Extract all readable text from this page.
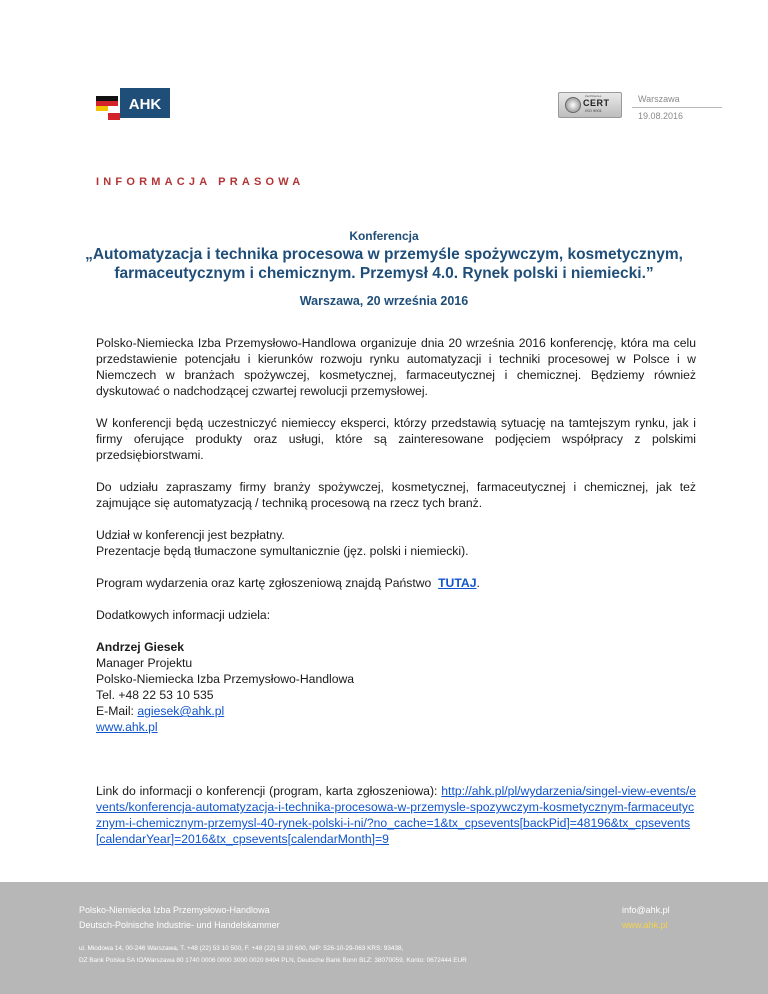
AHK	Zertifiziertes
CERT
ISO 9001
Warszawa
19.08.2016
INFORMACJA PRASOWA
Konferencja
„Automatyzacja i technika procesowa w przemyśle spożywczym, kosmetycznym,
farmaceutycznym i chemicznym. Przemysł 4.0. Rynek polski i niemiecki.”
Warszawa, 20 września 2016

Polsko-Niemiecka Izba Przemysłowo-Handlowa organizuje dnia 20 września 2016 konferencję, która ma celu przedstawienie potencjału i kierunków rozwoju rynku automatyzacji i techniki procesowej w Polsce i w Niemczech w branżach spożywczej, kosmetycznej, farmaceutycznej i chemicznej. Będziemy również dyskutować o nadchodzącej czwartej rewolucji przemysłowej.

W konferencji będą uczestniczyć niemieccy eksperci, którzy przedstawią sytuację na tamtejszym rynku, jak i firmy oferujące produkty oraz usługi, które są zainteresowane podjęciem współpracy z polskimi przedsiębiorstwami.

Do udziału zapraszamy firmy branży spożywczej, kosmetycznej, farmaceutycznej i chemicznej, jak też zajmujące się automatyzacją / techniką procesową na rzecz tych branż.

Udział w konferencji jest bezpłatny.
Prezentacje będą tłumaczone symultanicznie (jęz. polski i niemiecki).

Program wydarzenia oraz kartę zgłoszeniową znajdą Państwo TUTAJ.

Dodatkowych informacji udziela:

Andrzej Giesek
Manager Projektu
Polsko-Niemiecka Izba Przemysłowo-Handlowa
Tel. +48 22 53 10 535
E-Mail: agiesek@ahk.pl
www.ahk.pl

Link do informacji o konferencji (program, karta zgłoszeniowa): http://ahk.pl/pl/wydarzenia/singel-view-events/events/konferencja-automatyzacja-i-technika-procesowa-w-przemysle-spozywczym-kosmetycznym-farmaceutycznym-i-chemicznym-przemysl-40-rynek-polski-i-ni/?no_cache=1&tx_cpsevents[backPid]=48196&tx_cpsevents[calendarYear]=2016&tx_cpsevents[calendarMonth]=9

Polsko-Niemiecka Izba Przemysłowo-Handlowa
Deutsch-Polnische Industrie- und Handelskammer
info@ahk.pl
www.ahk.pl
ul. Miodowa 14, 00-246 Warszawa, T. +48 (22) 53 10 500, F. +48 (22) 53 10 600, NIP: 526-10-29-063 KRS: 93438,
DZ Bank Polska SA IO/Warszawa 80 1740 0006 0000 3000 0020 8494 PLN, Deutsche Bank Bonn BLZ: 38070059, Konto: 0672444 EUR
